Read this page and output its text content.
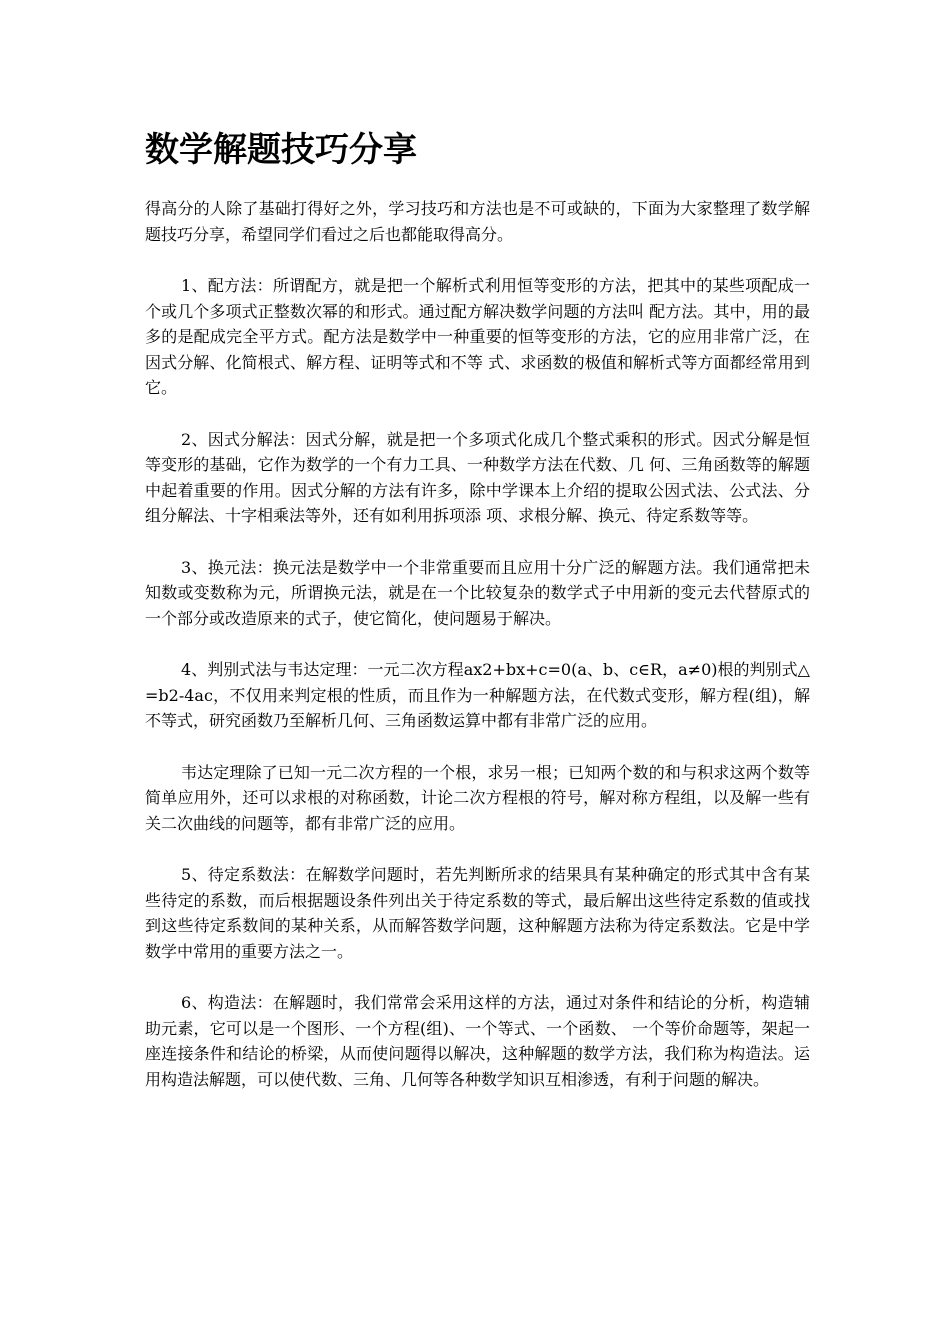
数学解题技巧分享

得高分的人除了基础打得好之外，学习技巧和方法也是不可或缺的，下面为大家整理了数学解题技巧分享，希望同学们看过之后也都能取得高分。

1、配方法：所谓配方，就是把一个解析式利用恒等变形的方法，把其中的某些项配成一个或几个多项式正整数次幂的和形式。通过配方解决数学问题的方法叫 配方法。其中，用的最多的是配成完全平方式。配方法是数学中一种重要的恒等变形的方法，它的应用非常广泛，在因式分解、化简根式、解方程、证明等式和不等 式、求函数的极值和解析式等方面都经常用到它。

2、因式分解法：因式分解，就是把一个多项式化成几个整式乘积的形式。因式分解是恒等变形的基础，它作为数学的一个有力工具、一种数学方法在代数、几 何、三角函数等的解题中起着重要的作用。因式分解的方法有许多，除中学课本上介绍的提取公因式法、公式法、分组分解法、十字相乘法等外，还有如利用拆项添 项、求根分解、换元、待定系数等等。

3、换元法：换元法是数学中一个非常重要而且应用十分广泛的解题方法。我们通常把未知数或变数称为元，所谓换元法，就是在一个比较复杂的数学式子中用新的变元去代替原式的一个部分或改造原来的式子，使它简化，使问题易于解决。

4、判别式法与韦达定理：一元二次方程ax2+bx+c=0(a、b、c∈R，a≠0)根的判别式△=b2-4ac，不仅用来判定根的性质，而且作为一种解题方法，在代数式变形，解方程(组)，解不等式，研究函数乃至解析几何、三角函数运算中都有非常广泛的应用。

韦达定理除了已知一元二次方程的一个根，求另一根；已知两个数的和与积求这两个数等简单应用外，还可以求根的对称函数，计论二次方程根的符号，解对称方程组，以及解一些有关二次曲线的问题等，都有非常广泛的应用。

5、待定系数法：在解数学问题时，若先判断所求的结果具有某种确定的形式其中含有某些待定的系数，而后根据题设条件列出关于待定系数的等式，最后解出这些待定系数的值或找到这些待定系数间的某种关系，从而解答数学问题，这种解题方法称为待定系数法。它是中学数学中常用的重要方法之一。

6、构造法：在解题时，我们常常会采用这样的方法，通过对条件和结论的分析，构造辅助元素，它可以是一个图形、一个方程(组)、一个等式、一个函数、 一个等价命题等，架起一座连接条件和结论的桥梁，从而使问题得以解决，这种解题的数学方法，我们称为构造法。运用构造法解题，可以使代数、三角、几何等各种数学知识互相渗透，有利于问题的解决。
